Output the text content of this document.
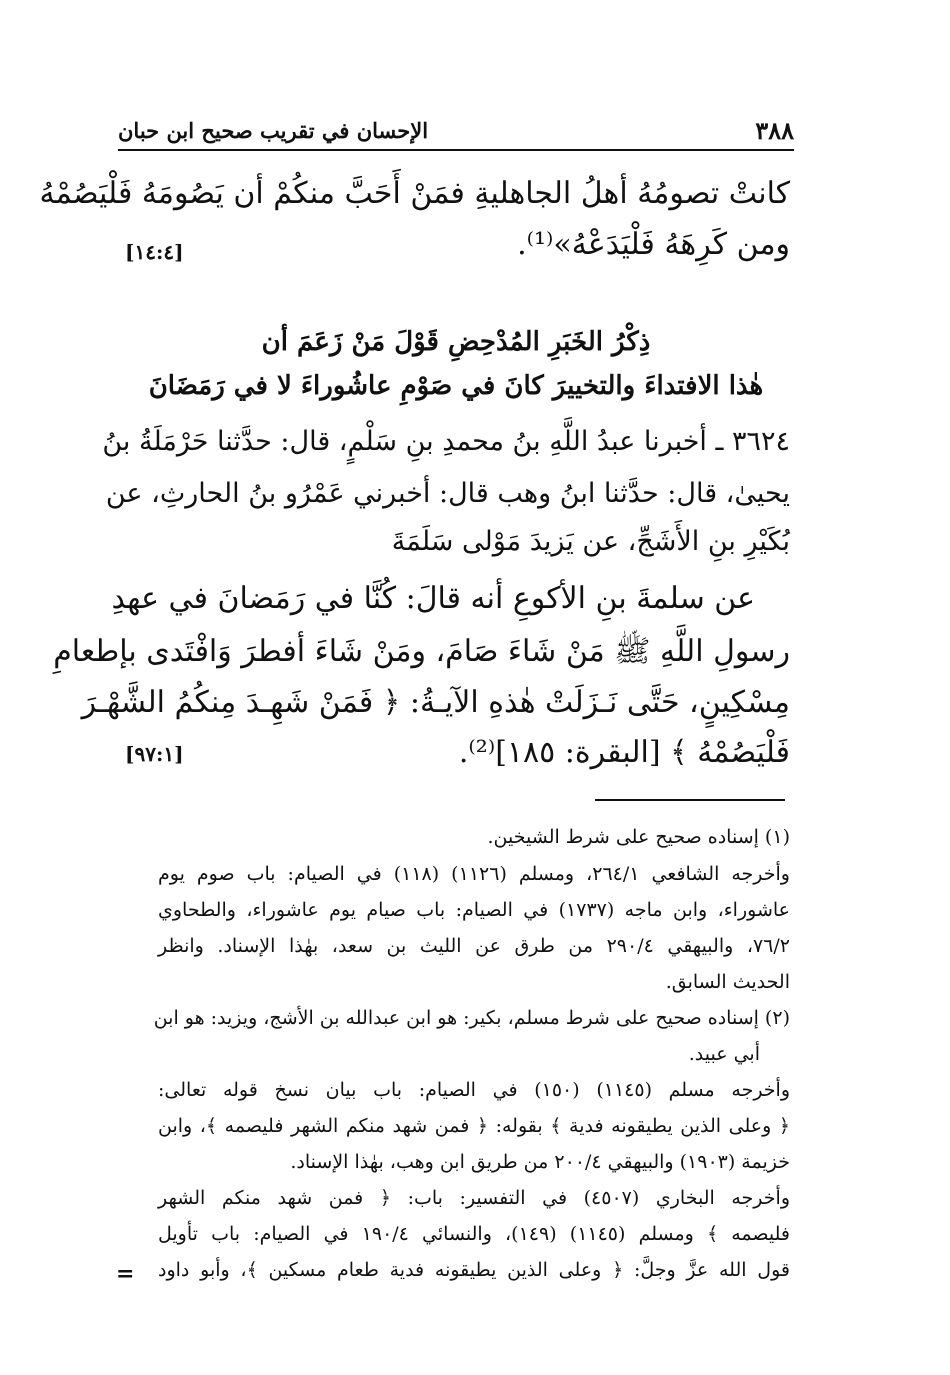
الإحسان في تقريب صحيح ابن حبان	٣٨٨
كانتْ تصومُهُ أهلُ الجاهليةِ فمَنْ أَحَبَّ منكُمْ أن يَصُومَهُ فَلْيَصُمْهُ
ومن كَرِهَهُ فَلْيَدَعْهُ»⁽¹⁾.
[١٤:٤]
ذِكْرُ الخَبَرِ المُدْحِضِ قَوْلَ مَنْ زَعَمَ أن
هٰذا الافتداءَ والتخييرَ كانَ في صَوْمِ عاشُوراءَ لا في رَمَضَانَ
٣٦٢٤ ـ أخبرنا عبدُ اللَّهِ بنُ محمدِ بنِ سَلْمٍ، قال: حدَّثنا حَرْمَلَةُ بنُ
يحيىٰ، قال: حدَّثنا ابنُ وهب قال: أخبرني عَمْرُو بنُ الحارثِ، عن
بُكَيْرِ بنِ الأَشَجِّ، عن يَزيدَ مَوْلى سَلَمَةَ
عن سلمةَ بنِ الأكوعِ أنه قالَ: كُنَّا في رَمَضانَ في عهدِ
رسولِ اللَّهِ ﷺ مَنْ شَاءَ صَامَ، ومَنْ شَاءَ أفطرَ وَافْتَدى بإطعامِ
مِسْكِينٍ، حَتَّى نَـزَلَتْ هٰذهِ الآيـةُ: ﴿ فَمَنْ شَهِـدَ مِنكُمُ الشَّهْـرَ
فَلْيَصُمْهُ ﴾ [البقرة: ١٨٥]⁽²⁾.
[٩٧:١]
(١) إسناده صحيح على شرط الشيخين.
وأخرجه الشافعي ٢٦٤/١، ومسلم (١١٢٦) (١١٨) في الصيام: باب صوم يوم
عاشوراء، وابن ماجه (١٧٣٧) في الصيام: باب صيام يوم عاشوراء، والطحاوي
٧٦/٢، والبيهقي ٢٩٠/٤ من طرق عن الليث بن سعد، بهٰذا الإسناد. وانظر
الحديث السابق.
(٢) إسناده صحيح على شرط مسلم، بكير: هو ابن عبدالله بن الأشج، ويزيد: هو ابن
أبي عبيد.
وأخرجه مسلم (١١٤٥) (١٥٠) في الصيام: باب بيان نسخ قوله تعالى:
﴿ وعلى الذين يطيقونه فدية ﴾ بقوله: ﴿ فمن شهد منكم الشهر فليصمه ﴾، وابن
خزيمة (١٩٠٣) والبيهقي ٢٠٠/٤ من طريق ابن وهب، بهٰذا الإسناد.
وأخرجه البخاري (٤٥٠٧) في التفسير: باب: ﴿ فمن شهد منكم الشهر
فليصمه ﴾ ومسلم (١١٤٥) (١٤٩)، والنسائي ١٩٠/٤ في الصيام: باب تأويل
قول الله عزَّ وجلَّ: ﴿ وعلى الذين يطيقونه فدية طعام مسكين ﴾، وأبو داود
=
